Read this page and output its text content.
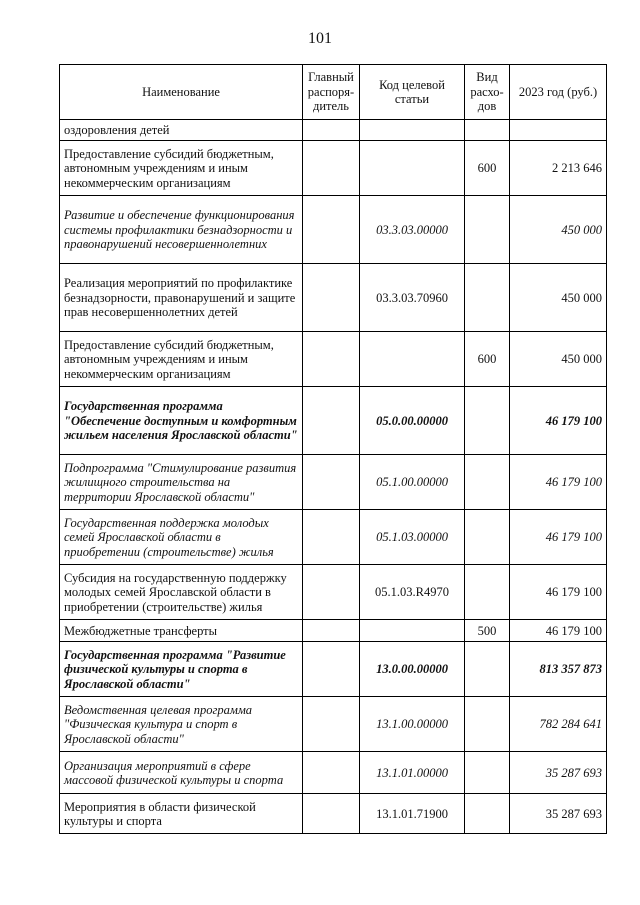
101
Наименование	Главный распоря-дитель	Код целевой статьи	Вид расхо-дов	2023 год (руб.)
оздоровления детей				
Предоставление субсидий бюджетным, автономным учреждениям и иным некоммерческим организациям			600	2 213 646
Развитие и обеспечение функционирования системы профилактики безнадзорности и правонарушений несовершеннолетних		03.3.03.00000		450 000
Реализация мероприятий по профилактике безнадзорности, правонарушений и защите прав несовершеннолетних детей		03.3.03.70960		450 000
Предоставление субсидий бюджетным, автономным учреждениям и иным некоммерческим организациям			600	450 000
Государственная программа "Обеспечение доступным и комфортным жильем населения Ярославской области"		05.0.00.00000		46 179 100
Подпрограмма "Стимулирование развития жилищного строительства на территории Ярославской области"		05.1.00.00000		46 179 100
Государственная поддержка молодых семей Ярославской области в приобретении (строительстве) жилья		05.1.03.00000		46 179 100
Субсидия на государственную поддержку молодых семей Ярославской области в приобретении (строительстве) жилья		05.1.03.R4970		46 179 100
Межбюджетные трансферты			500	46 179 100
Государственная программа "Развитие физической культуры и спорта в Ярославской области"		13.0.00.00000		813 357 873
Ведомственная целевая программа "Физическая культура и спорт в Ярославской области"		13.1.00.00000		782 284 641
Организация мероприятий в сфере массовой физической культуры и спорта		13.1.01.00000		35 287 693
Мероприятия в области физической культуры и спорта		13.1.01.71900		35 287 693
